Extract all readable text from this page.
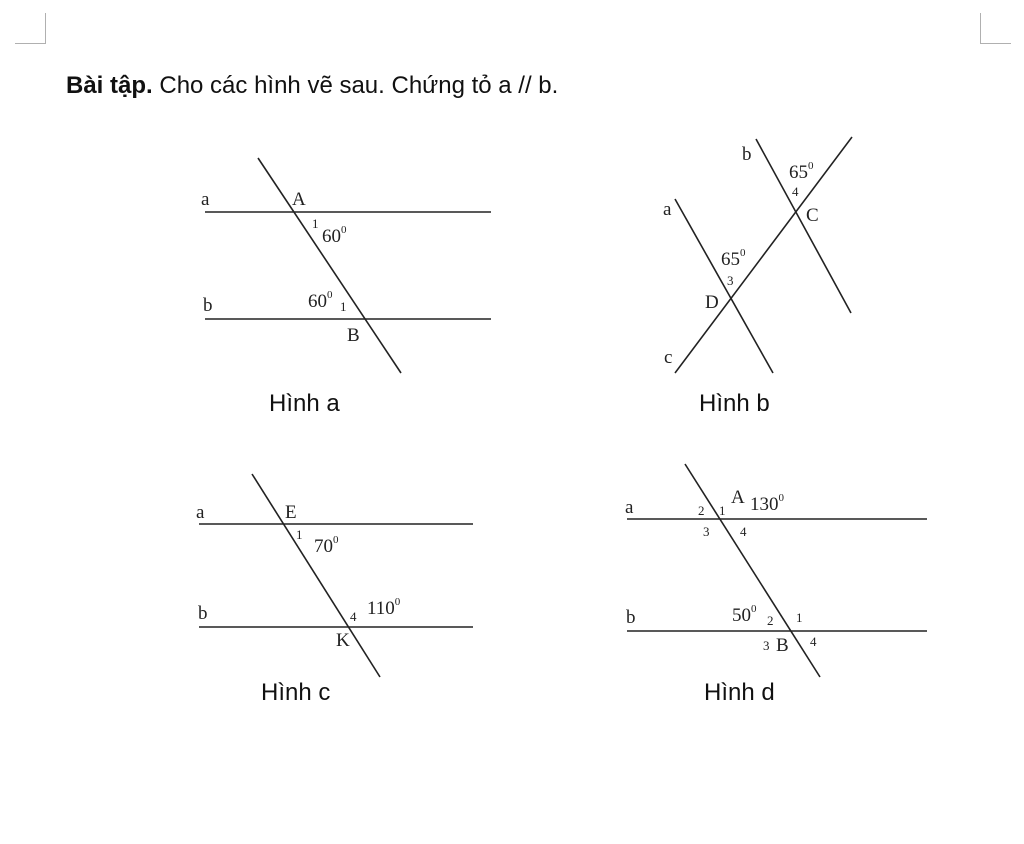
Bài tập. Cho các hình vẽ sau. Chứng tỏ a // b.
a
b
A
B
1
$60^0$
$60^0$
1
b
a
c
C
D
$65^0$
4
$65^0$
3
a
b
E
K
1
$70^0$
4 $110^0$
a
b
A $130^0$
2 1
3 4
$50^0$
2 1
3 B 4
Hình a	Hình b
Hình c	Hình d
